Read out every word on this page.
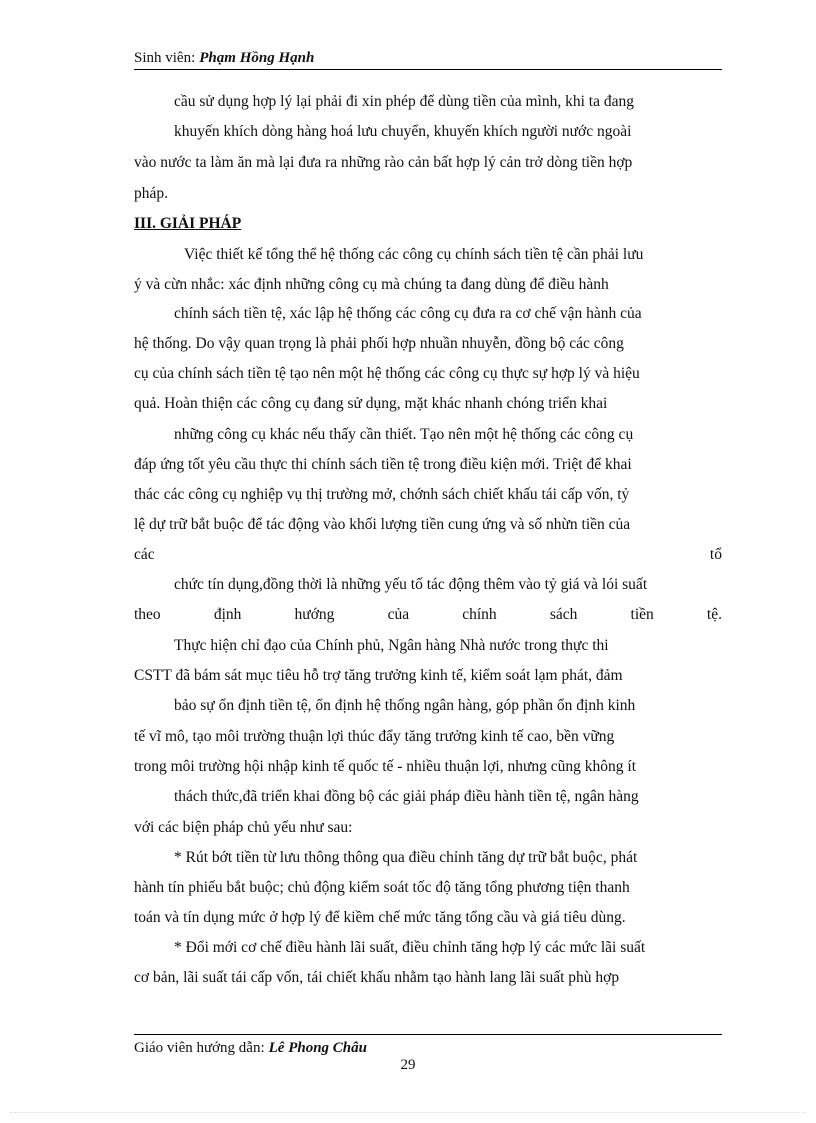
Sinh viên: Phạm Hồng Hạnh
cầu sử dụng hợp lý lại phải đi xin phép để dùng tiền của mình, khi ta đang
khuyến khích dòng hàng hoá lưu chuyển, khuyến khích người nước ngoài
vào nước ta làm ăn mà lại đưa ra những rào cản bất hợp lý cản trở dòng tiền hợp
pháp.
III. GIẢI PHÁP
Việc thiết kế tổng thể hệ thống các công cụ chính sách tiền tệ cần phải lưu
ý và cừn nhắc: xác định những công cụ mà chúng ta đang dùng để điều hành
chính sách tiền tệ, xác lập hệ thống các công cụ đưa ra cơ chế vận hành của
hệ thống. Do vậy quan trọng là phải phối hợp nhuần nhuyễn, đồng bộ các công
cụ của chính sách tiền tệ tạo nên một hệ thống các công cụ thực sự hợp lý và hiệu
quả. Hoàn thiện các công cụ đang sử dụng, mặt khác nhanh chóng triển khai
những công cụ khác nếu thấy cần thiết. Tạo nên một hệ thống các công cụ
đáp ứng tốt yêu cầu thực thi chính sách tiền tệ trong điều kiện mới. Triệt để khai
thác các công cụ nghiệp vụ thị trường mở, chớnh sách chiết khấu tái cấp vốn, tỷ
lệ dự trữ bắt buộc để tác động vào khối lượng tiền cung ứng và số nhừn tiền của
các tổ
chức tín dụng,đồng thời là những yếu tố tác động thêm vào tỷ giá và lói suất
theo định hướng của chính sách tiền tệ.
Thực hiện chỉ đạo của Chính phủ, Ngân hàng Nhà nước trong thực thi
CSTT đã bám sát mục tiêu hỗ trợ tăng trưởng kinh tế, kiểm soát lạm phát, đảm
bảo sự ổn định tiền tệ, ổn định hệ thống ngân hàng, góp phần ổn định kinh
tế vĩ mô, tạo môi trường thuận lợi thúc đẩy tăng trưởng kinh tế cao, bền vững
trong môi trường hội nhập kinh tế quốc tế - nhiều thuận lợi, nhưng cũng không ít
thách thức,đã triển khai đồng bộ các giải pháp điều hành tiền tệ, ngân hàng
với các biện pháp chủ yếu như sau:
* Rút bớt tiền từ lưu thông thông qua điều chỉnh tăng dự trữ bắt buộc, phát
hành tín phiếu bắt buộc; chủ động kiểm soát tốc độ tăng tổng phương tiện thanh
toán và tín dụng mức ở hợp lý để kiềm chế mức tăng tổng cầu và giá tiêu dùng.
* Đổi mới cơ chế điều hành lãi suất, điều chỉnh tăng hợp lý các mức lãi suất
cơ bản, lãi suất tái cấp vốn, tái chiết khấu nhằm tạo hành lang lãi suất phù hợp
Giáo viên hướng dẫn: Lê Phong Châu
29
